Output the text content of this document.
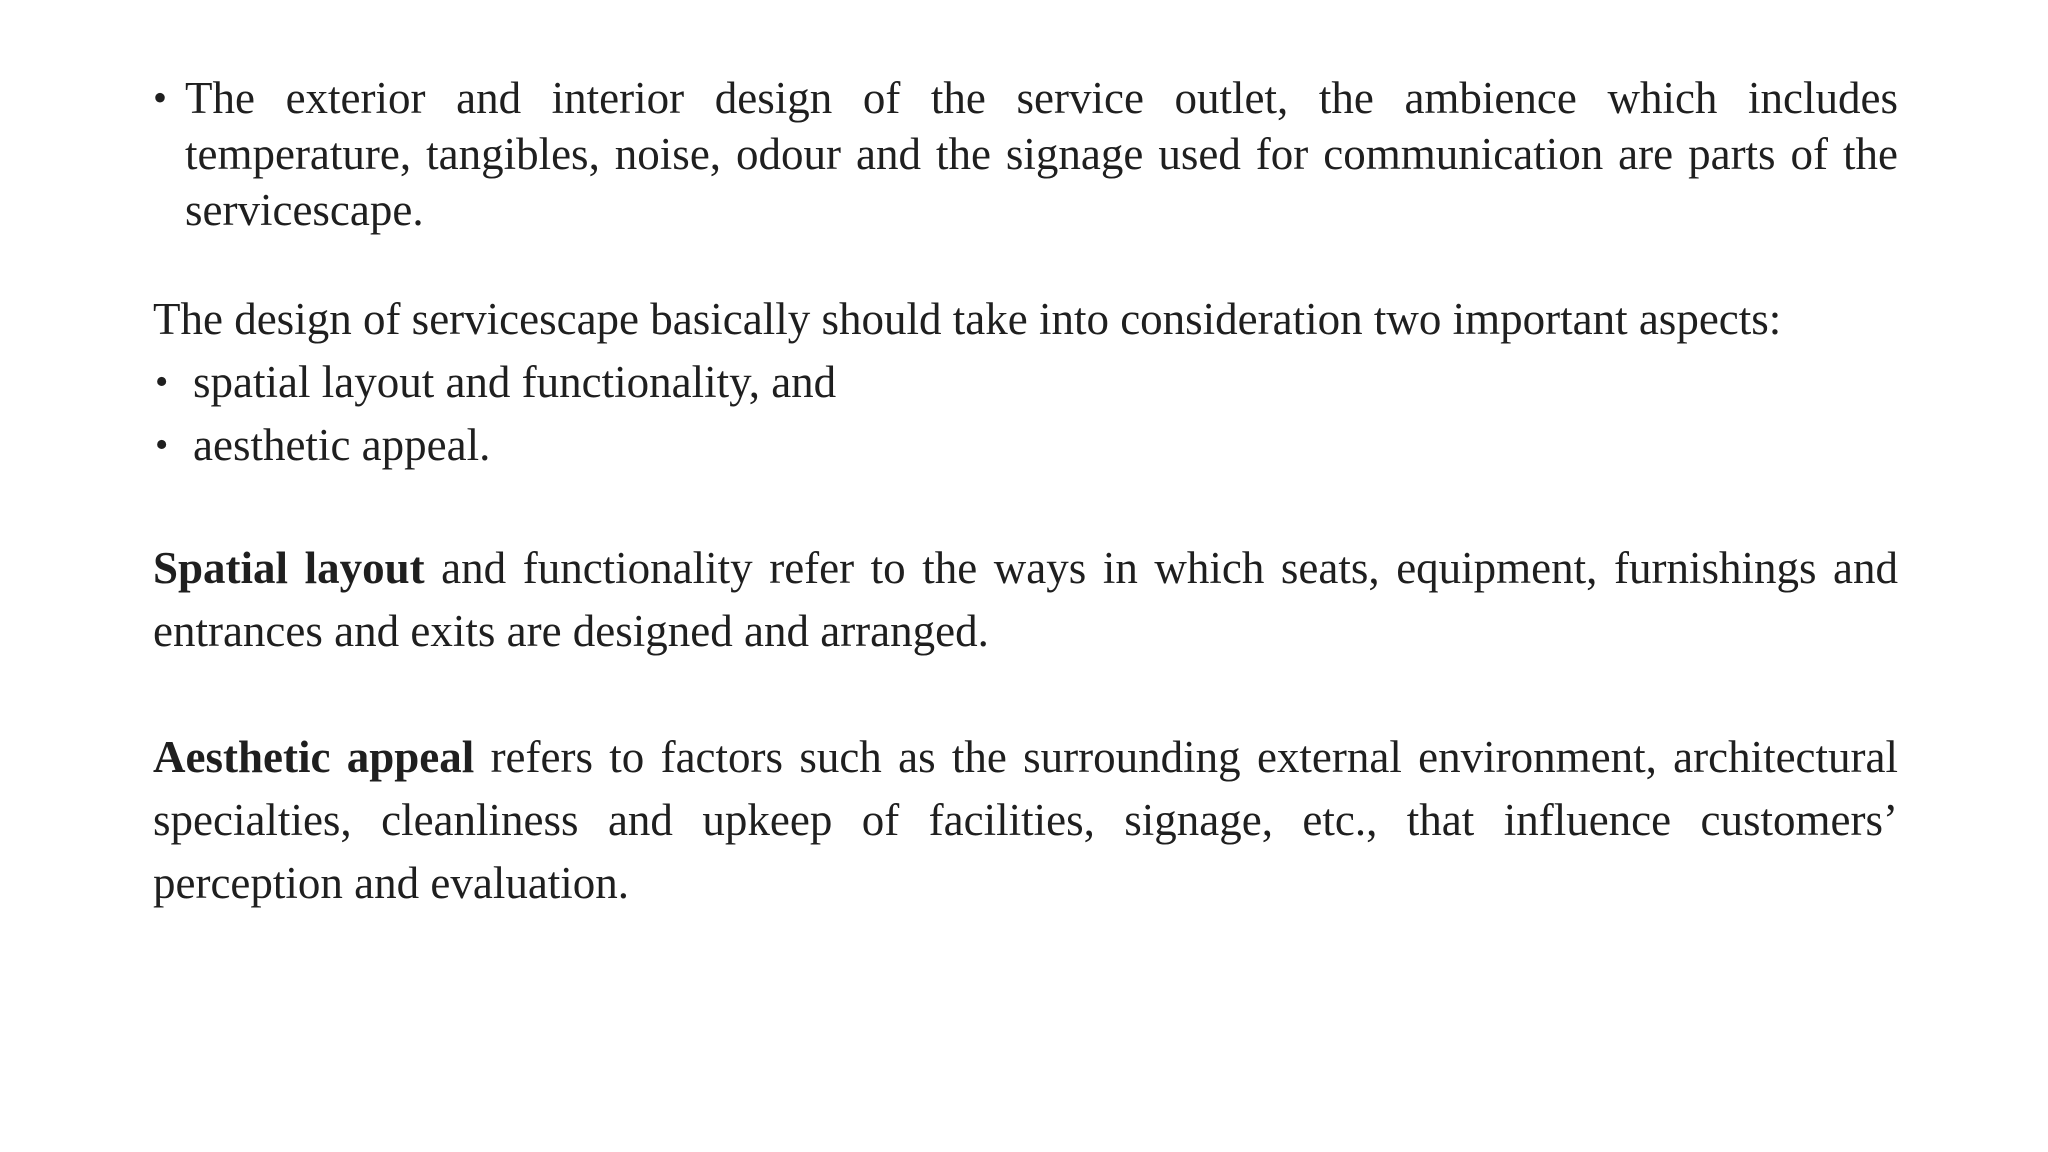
• The exterior and interior design of the service outlet, the ambience which includes temperature, tangibles, noise, odour and the signage used for communication are parts of the servicescape.
The design of servicescape basically should take into consideration two important aspects:
• spatial layout and functionality, and
• aesthetic appeal.
Spatial layout and functionality refer to the ways in which seats, equipment, furnishings and entrances and exits are designed and arranged.
Aesthetic appeal refers to factors such as the surrounding external environment, architectural specialties, cleanliness and upkeep of facilities, signage, etc., that influence customers’ perception and evaluation.
